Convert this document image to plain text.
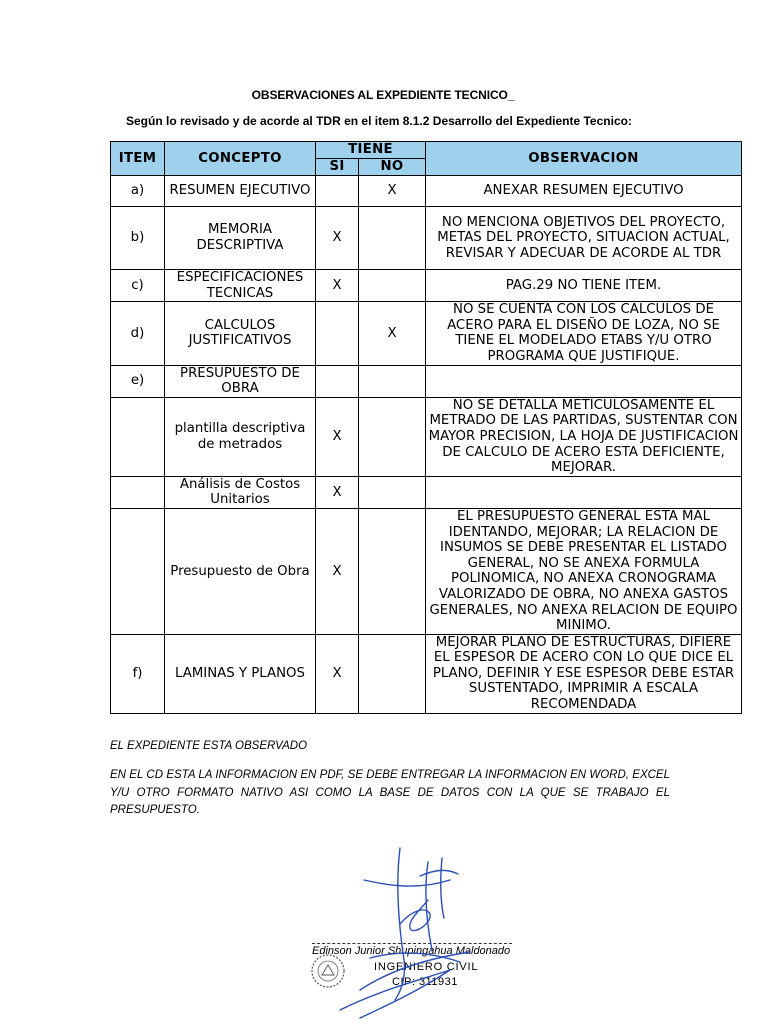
OBSERVACIONES AL EXPEDIENTE TECNICO_
Según lo revisado y de acorde al TDR en el item 8.1.2 Desarrollo del Expediente Tecnico:
ITEM	CONCEPTO	TIENE		OBSERVACION
		SI	NO	
a)	RESUMEN EJECUTIVO		X	ANEXAR RESUMEN EJECUTIVO
b)	MEMORIA DESCRIPTIVA	X		NO MENCIONA OBJETIVOS DEL PROYECTO, METAS DEL PROYECTO, SITUACION ACTUAL, REVISAR Y ADECUAR DE ACORDE AL TDR
c)	ESPECIFICACIONES TECNICAS	X		PAG.29 NO TIENE ITEM.
d)	CALCULOS JUSTIFICATIVOS		X	NO SE CUENTA CON LOS CALCULOS DE ACERO PARA EL DISEÑO DE LOZA, NO SE TIENE EL MODELADO ETABS Y/U OTRO PROGRAMA QUE JUSTIFIQUE.
e)	PRESUPUESTO DE OBRA			
	plantilla descriptiva de metrados	X		NO SE DETALLA METICULOSAMENTE EL METRADO DE LAS PARTIDAS, SUSTENTAR CON MAYOR PRECISION, LA HOJA DE JUSTIFICACION DE CALCULO DE ACERO ESTA DEFICIENTE, MEJORAR.
	Análisis de Costos Unitarios	X		
	Presupuesto de Obra	X		EL PRESUPUESTO GENERAL ESTA MAL IDENTANDO, MEJORAR; LA RELACION DE INSUMOS SE DEBE PRESENTAR EL LISTADO GENERAL, NO SE ANEXA FORMULA POLINOMICA, NO ANEXA CRONOGRAMA VALORIZADO DE OBRA, NO ANEXA GASTOS GENERALES, NO ANEXA RELACION DE EQUIPO MINIMO.
f)	LAMINAS Y PLANOS	X		MEJORAR PLANO DE ESTRUCTURAS, DIFIERE EL ESPESOR DE ACERO CON LO QUE DICE EL PLANO, DEFINIR Y ESE ESPESOR DEBE ESTAR SUSTENTADO, IMPRIMIR A ESCALA RECOMENDADA
EL EXPEDIENTE ESTA OBSERVADO
EN EL CD ESTA LA INFORMACION EN PDF, SE DEBE ENTREGAR LA INFORMACION EN WORD, EXCEL Y/U OTRO FORMATO NATIVO ASI COMO LA BASE DE DATOS CON LA QUE SE TRABAJO EL PRESUPUESTO.
Edinson Junior Shupingahua Maldonado
INGENIERO CIVIL
CIP: 311931
